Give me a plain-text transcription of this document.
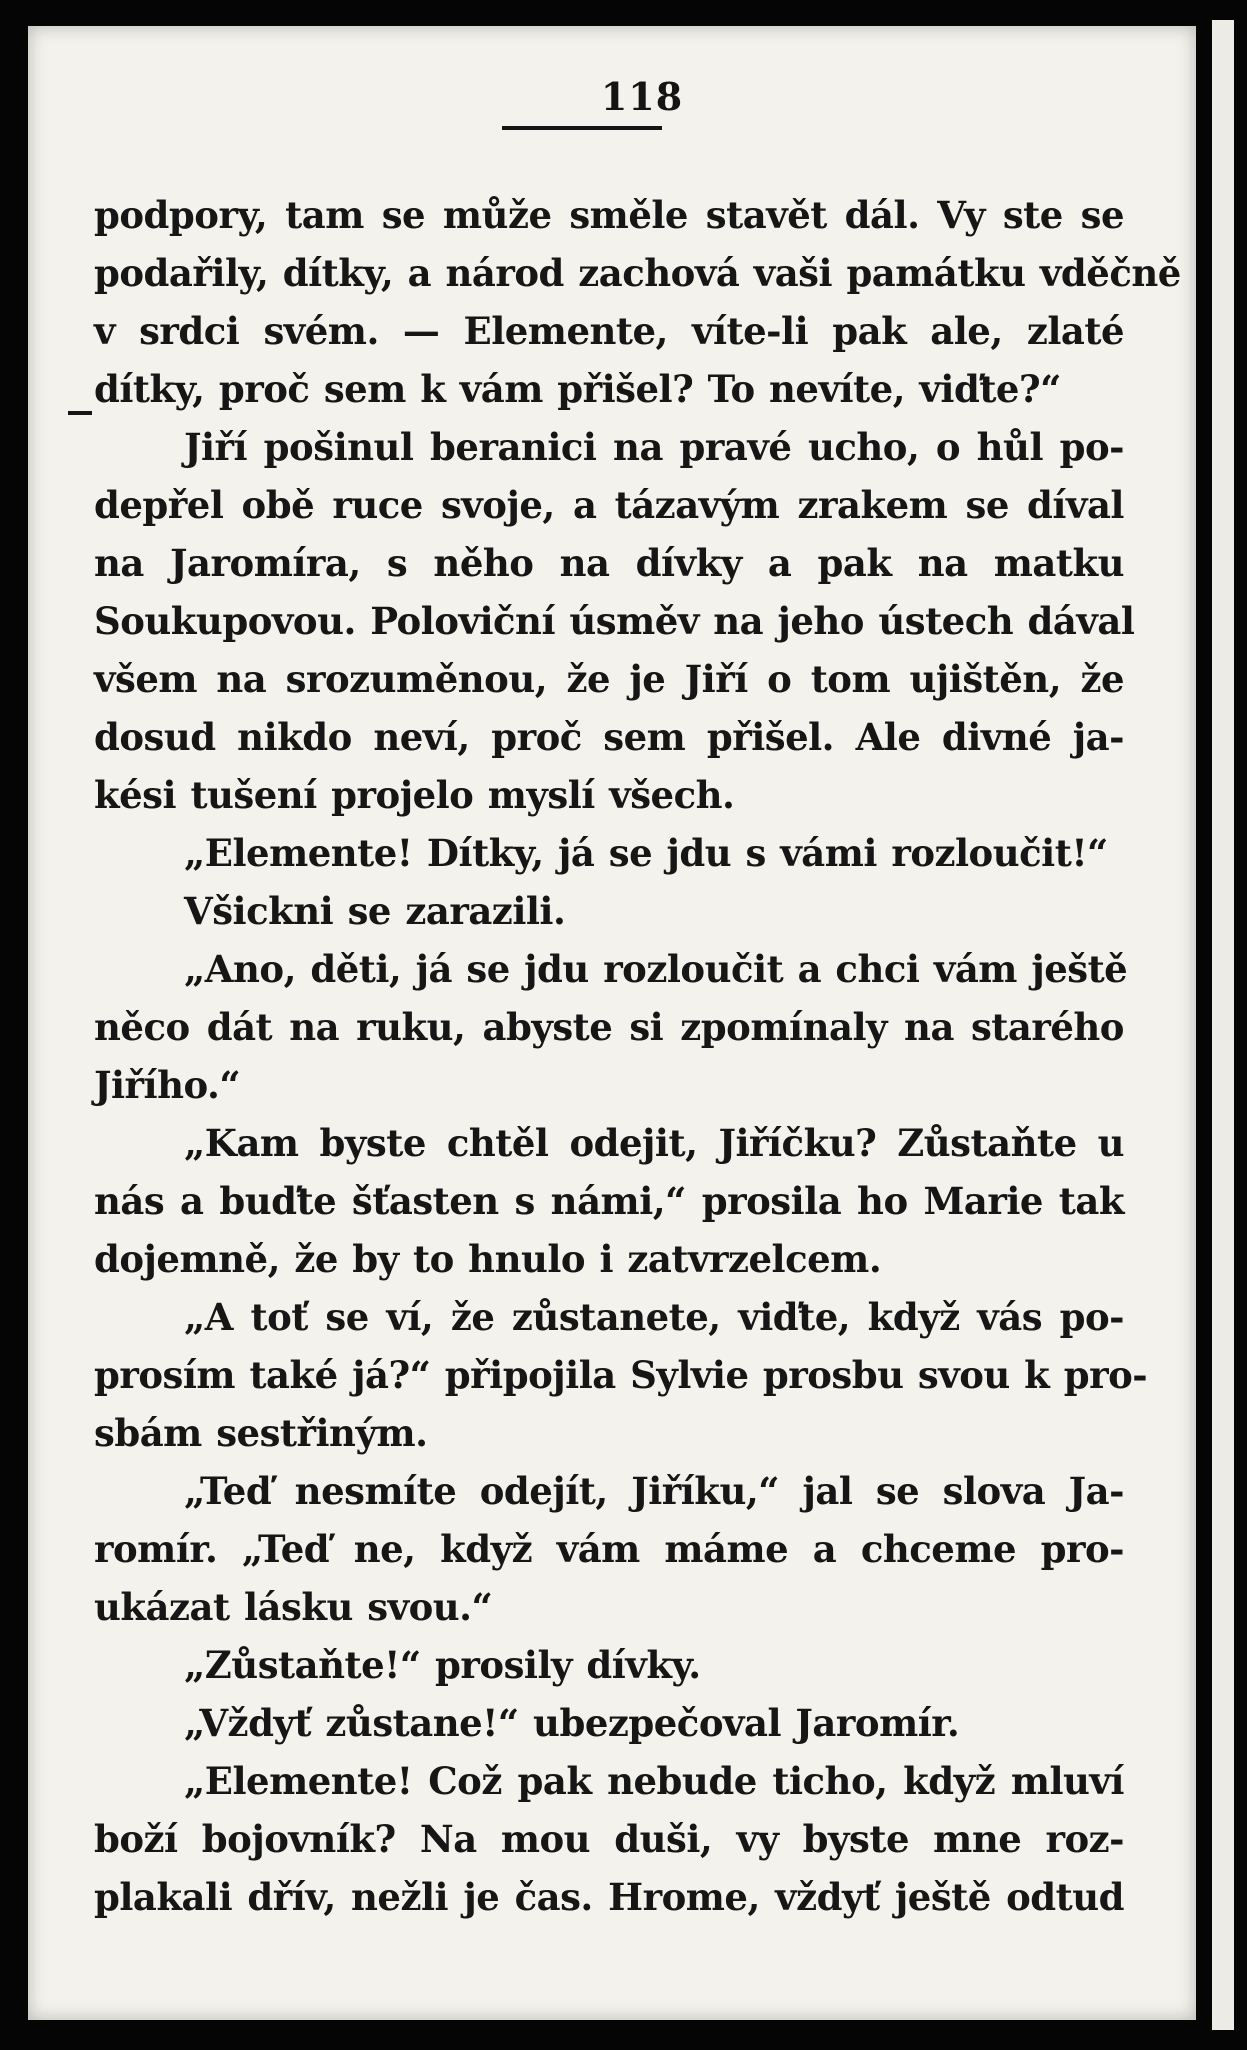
118
podpory, tam se může směle stavět dál. Vy ste se
podařily, dítky, a národ zachová vaši památku vděčně
v srdci svém. — Elemente, víte-li pak ale, zlaté
dítky, proč sem k vám přišel? To nevíte, viďte?“
Jiří pošinul beranici na pravé ucho, o hůl po-
depřel obě ruce svoje, a tázavým zrakem se díval
na Jaromíra, s něho na dívky a pak na matku
Soukupovou. Poloviční úsměv na jeho ústech dával
všem na srozuměnou, že je Jiří o tom ujištěn, že
dosud nikdo neví, proč sem přišel. Ale divné ja-
kési tušení projelo myslí všech.
„Elemente! Dítky, já se jdu s vámi rozloučit!“
Všickni se zarazili.
„Ano, děti, já se jdu rozloučit a chci vám ještě
něco dát na ruku, abyste si zpomínaly na starého
Jiřího.“
„Kam byste chtěl odejit, Jiříčku? Zůstaňte u
nás a buďte šťasten s námi,“ prosila ho Marie tak
dojemně, že by to hnulo i zatvrzelcem.
„A toť se ví, že zůstanete, viďte, když vás po-
prosím také já?“ připojila Sylvie prosbu svou k pro-
sbám sestřiným.
„Teď nesmíte odejít, Jiříku,“ jal se slova Ja-
romír. „Teď ne, když vám máme a chceme pro-
ukázat lásku svou.“
„Zůstaňte!“ prosily dívky.
„Vždyť zůstane!“ ubezpečoval Jaromír.
„Elemente! Což pak nebude ticho, když mluví
boží bojovník? Na mou duši, vy byste mne roz-
plakali dřív, nežli je čas. Hrome, vždyť ještě odtud
